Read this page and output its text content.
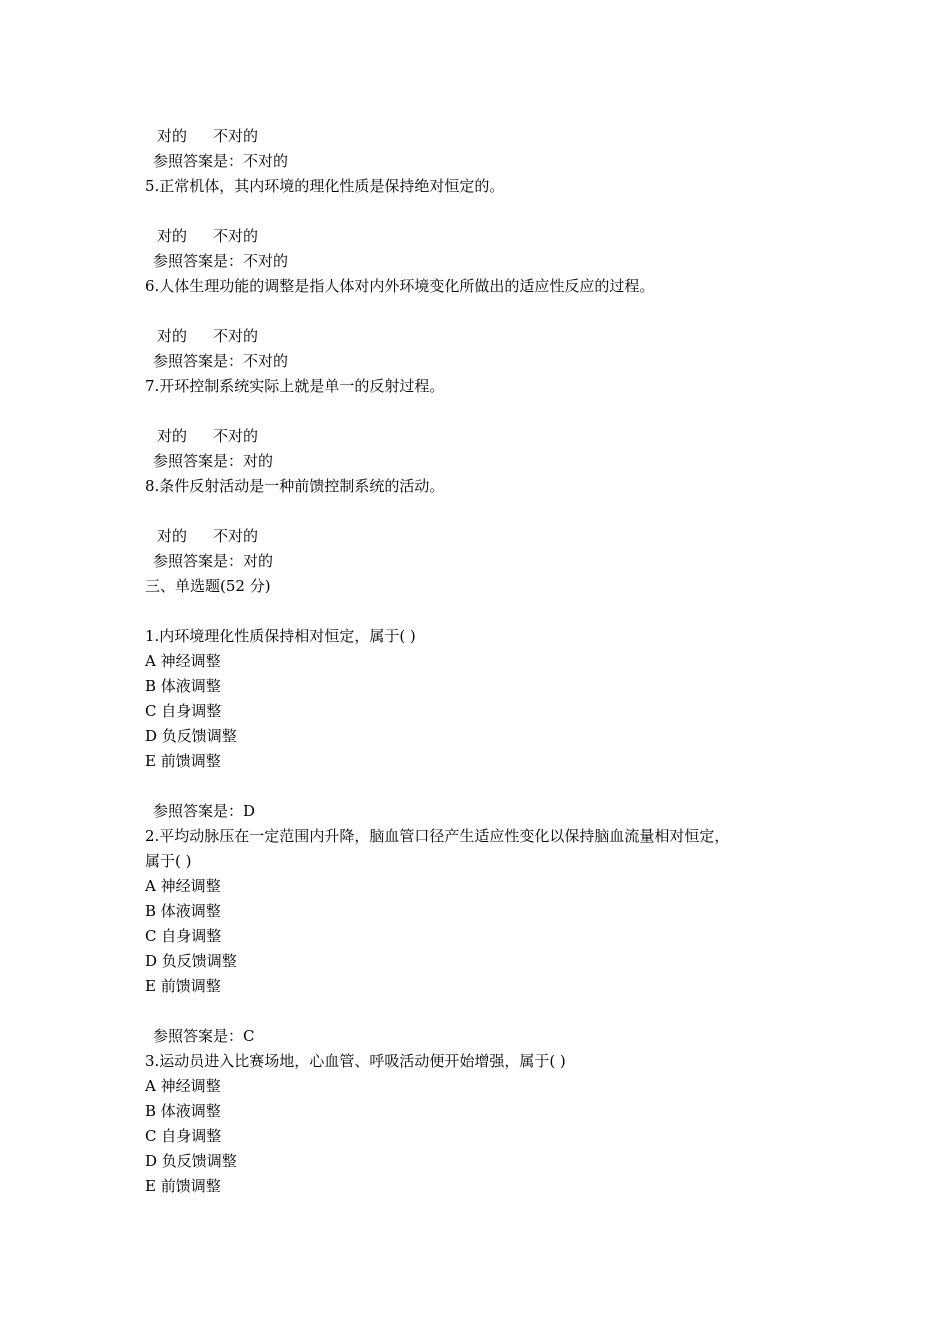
对的 不对的
参照答案是：不对的
5.正常机体，其内环境的理化性质是保持绝对恒定的。
对的 不对的
参照答案是：不对的
6.人体生理功能的调整是指人体对内外环境变化所做出的适应性反应的过程。
对的 不对的
参照答案是：不对的
7.开环控制系统实际上就是单一的反射过程。
对的 不对的
参照答案是：对的
8.条件反射活动是一种前馈控制系统的活动。
对的 不对的
参照答案是：对的
三、单选题(52 分)
1.内环境理化性质保持相对恒定，属于( )
A 神经调整
B 体液调整
C 自身调整
D 负反馈调整
E 前馈调整
参照答案是：D
2.平均动脉压在一定范围内升降，脑血管口径产生适应性变化以保持脑血流量相对恒定，
属于( )
A 神经调整
B 体液调整
C 自身调整
D 负反馈调整
E 前馈调整
参照答案是：C
3.运动员进入比赛场地，心血管、呼吸活动便开始增强，属于( )
A 神经调整
B 体液调整
C 自身调整
D 负反馈调整
E 前馈调整
